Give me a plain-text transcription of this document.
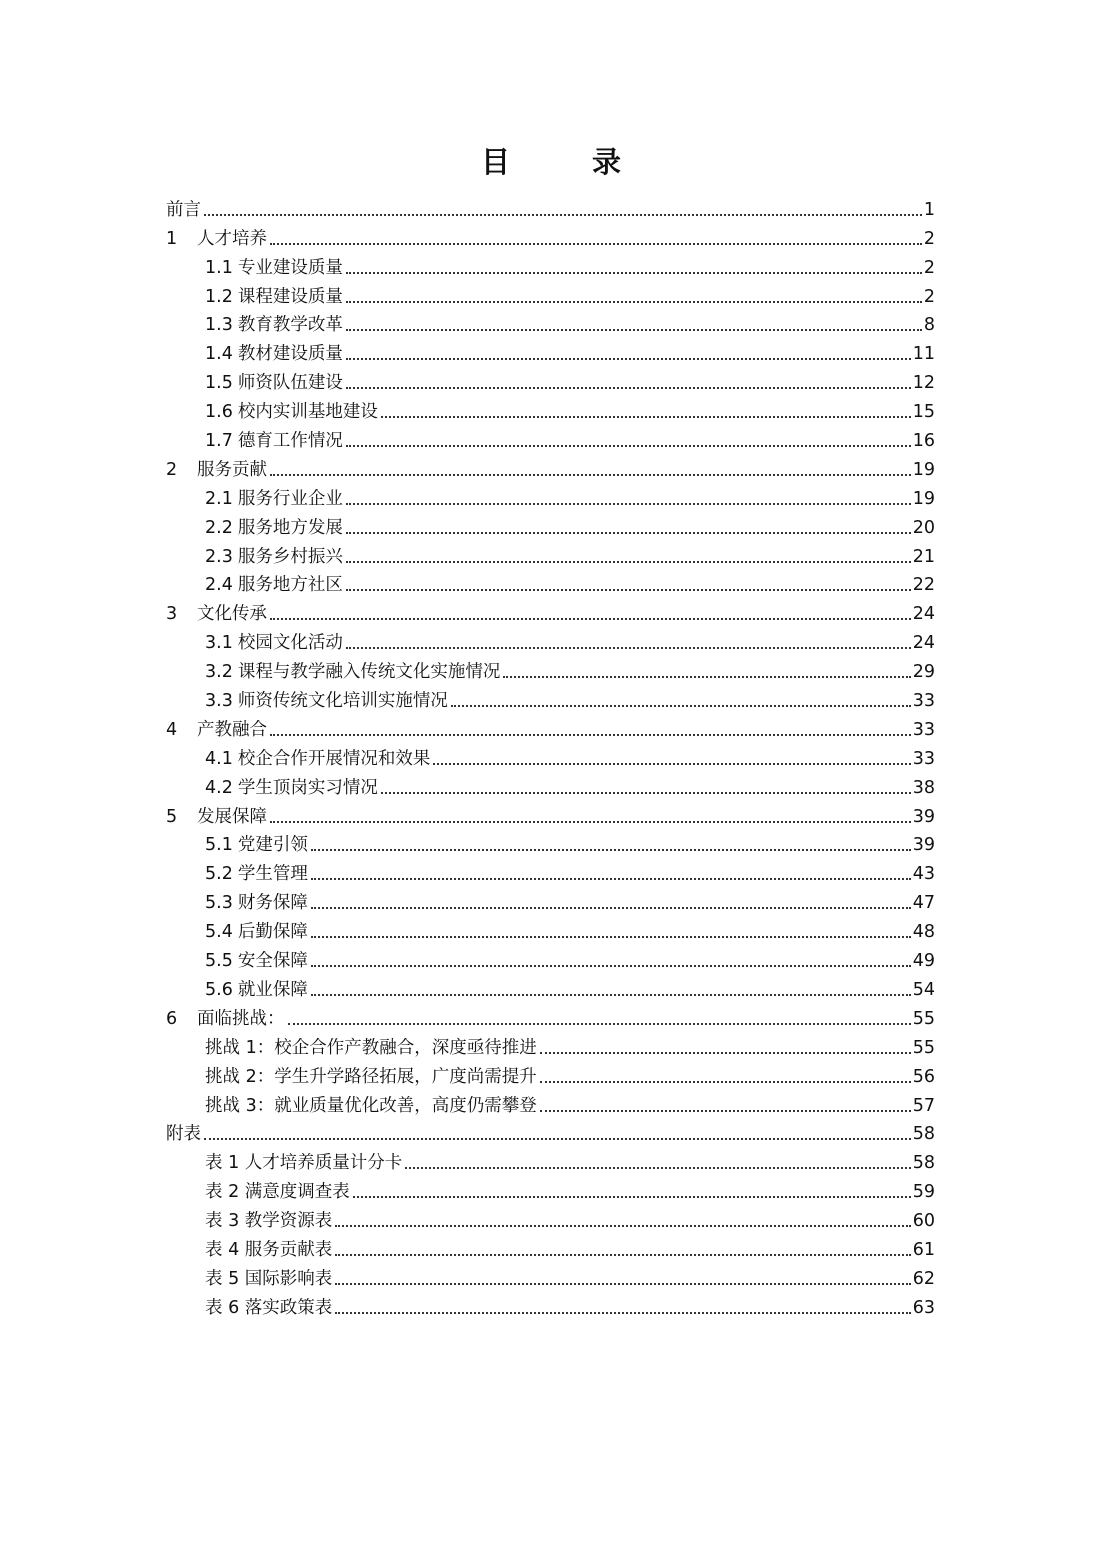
目 录
前言	1
1	人才培养	2
1.1 专业建设质量	2
1.2 课程建设质量	2
1.3 教育教学改革	8
1.4 教材建设质量	11
1.5 师资队伍建设	12
1.6 校内实训基地建设	15
1.7 德育工作情况	16
2	服务贡献	19
2.1 服务行业企业	19
2.2 服务地方发展	20
2.3 服务乡村振兴	21
2.4 服务地方社区	22
3	文化传承	24
3.1 校园文化活动	24
3.2 课程与教学融入传统文化实施情况	29
3.3 师资传统文化培训实施情况	33
4	产教融合	33
4.1 校企合作开展情况和效果	33
4.2 学生顶岗实习情况	38
5	发展保障	39
5.1 党建引领	39
5.2 学生管理	43
5.3 财务保障	47
5.4 后勤保障	48
5.5 安全保障	49
5.6 就业保障	54
6	面临挑战：	55
挑战 1：校企合作产教融合，深度亟待推进	55
挑战 2：学生升学路径拓展，广度尚需提升	56
挑战 3：就业质量优化改善，高度仍需攀登	57
附表	58
表 1 人才培养质量计分卡	58
表 2 满意度调查表	59
表 3 教学资源表	60
表 4 服务贡献表	61
表 5 国际影响表	62
表 6 落实政策表	63
